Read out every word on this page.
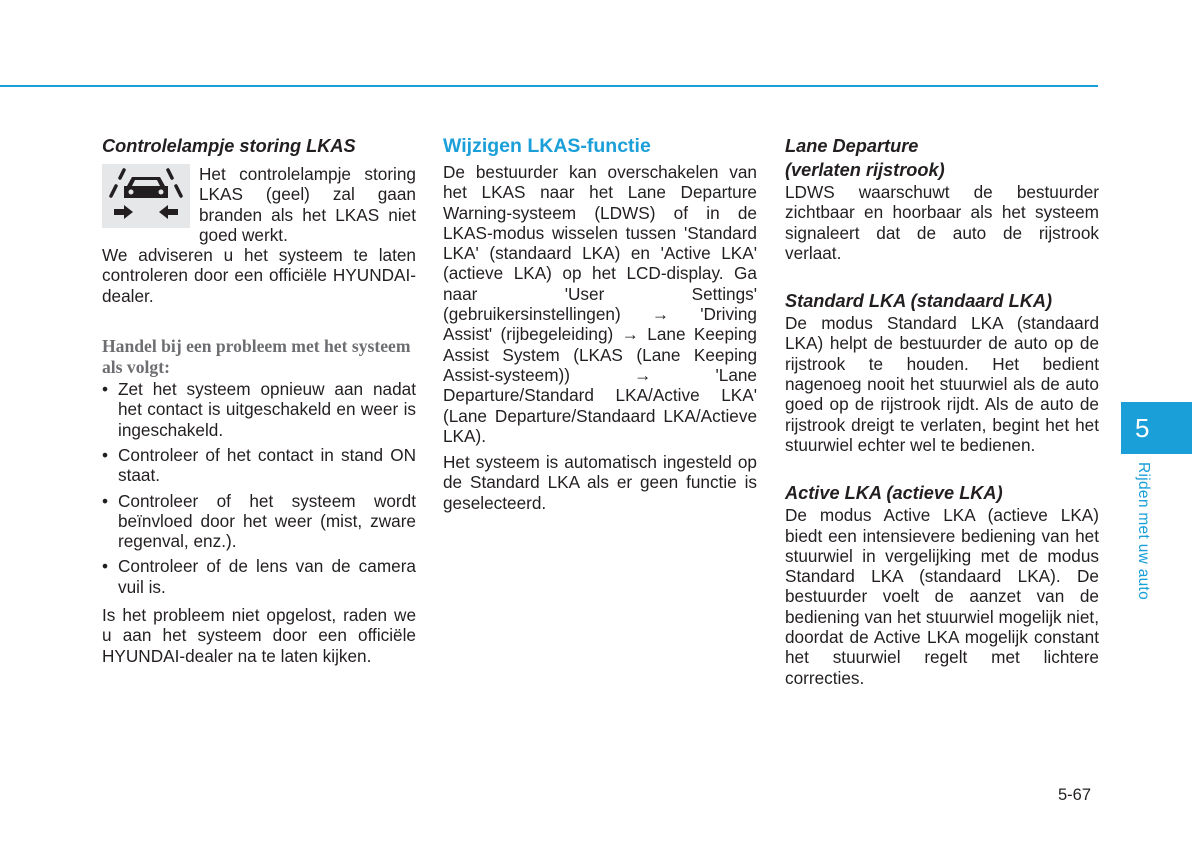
Controlelampje storing LKAS

Het controlelampje storing LKAS (geel) zal gaan branden als het LKAS niet goed werkt.

We adviseren u het systeem te laten controleren door een officiële HYUNDAI-dealer.

Handel bij een probleem met het systeem als volgt:

• Zet het systeem opnieuw aan nadat het contact is uitgeschakeld en weer is ingeschakeld.
• Controleer of het contact in stand ON staat.
• Controleer of het systeem wordt beïnvloed door het weer (mist, zware regenval, enz.).
• Controleer of de lens van de camera vuil is.

Is het probleem niet opgelost, raden we u aan het systeem door een officiële HYUNDAI-dealer na te laten kijken.

Wijzigen LKAS-functie

De bestuurder kan overschakelen van het LKAS naar het Lane Departure Warning-systeem (LDWS) of in de LKAS-modus wisselen tussen 'Standard LKA' (standaard LKA) en 'Active LKA' (actieve LKA) op het LCD-display. Ga naar 'User Settings' (gebruikersinstellingen) → 'Driving Assist' (rijbegeleiding) → Lane Keeping Assist System (LKAS (Lane Keeping Assist-systeem)) → 'Lane Departure/Standard LKA/Active LKA' (Lane Departure/Standaard LKA/Actieve LKA).

Het systeem is automatisch ingesteld op de Standard LKA als er geen functie is geselecteerd.

Lane Departure

(verlaten rijstrook)

LDWS waarschuwt de bestuurder zichtbaar en hoorbaar als het systeem signaleert dat de auto de rijstrook verlaat.

Standard LKA (standaard LKA)

De modus Standard LKA (standaard LKA) helpt de bestuurder de auto op de rijstrook te houden. Het bedient nagenoeg nooit het stuurwiel als de auto goed op de rijstrook rijdt. Als de auto de rijstrook dreigt te verlaten, begint het het stuurwiel echter wel te bedienen.

Active LKA (actieve LKA)

De modus Active LKA (actieve LKA) biedt een intensievere bediening van het stuurwiel in vergelijking met de modus Standard LKA (standaard LKA). De bestuurder voelt de aanzet van de bediening van het stuurwiel mogelijk niet, doordat de Active LKA mogelijk constant het stuurwiel regelt met lichtere correcties.

5
Rijden met uw auto
5-67
